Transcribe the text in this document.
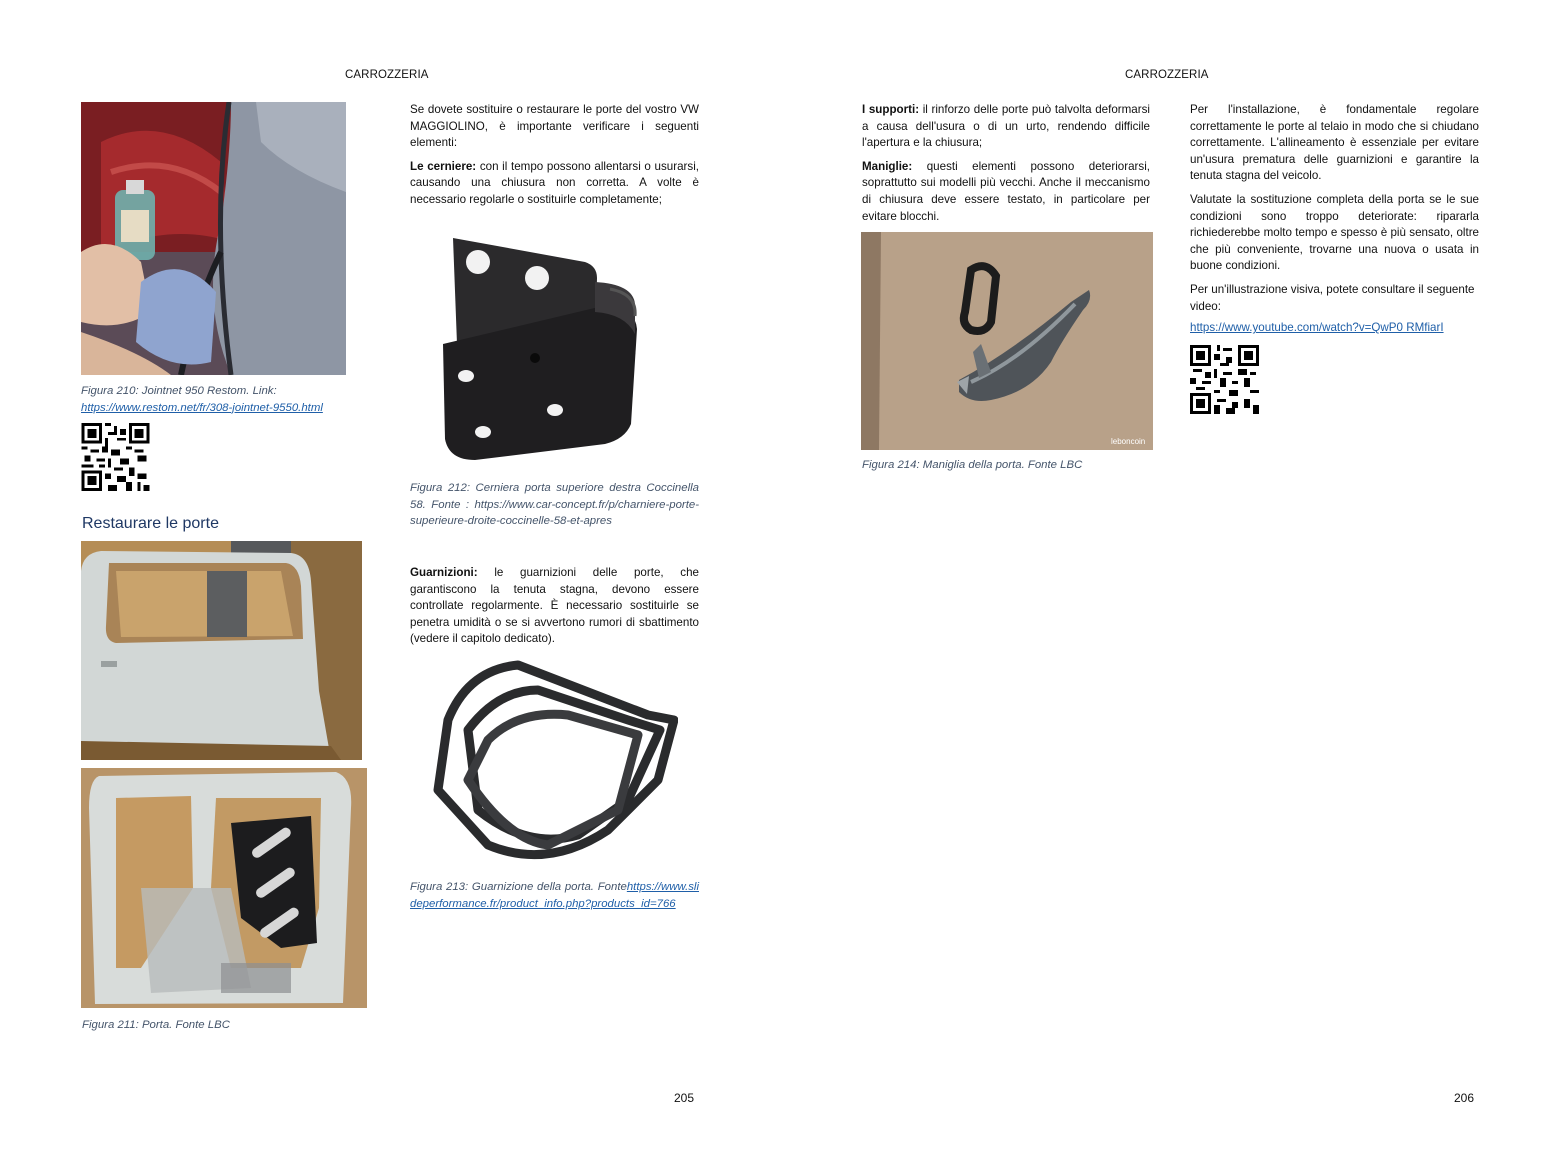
CARROZZERIA
Figura 210: Jointnet 950 Restom. Link:
https://www.restom.net/fr/308-jointnet-9550.html
Restaurare le porte
Figura 211: Porta. Fonte LBC

Se dovete sostituire o restaurare le porte del vostro VW MAGGIOLINO, è importante verificare i seguenti elementi:

Le cerniere: con il tempo possono allentarsi o usurarsi, causando una chiusura non corretta. A volte è necessario regolarle o sostituirle completamente;

Figura 212: Cerniera porta superiore destra Coccinella 58. Fonte : https://www.car-concept.fr/p/charniere-porte-superieure-droite-coccinelle-58-et-apres

Guarnizioni: le guarnizioni delle porte, che garantiscono la tenuta stagna, devono essere controllate regolarmente. È necessario sostituirle se penetra umidità o se si avvertono rumori di sbattimento (vedere il capitolo dedicato).

Figura 213: Guarnizione della porta. Fontehttps://www.slideperformance.fr/product_info.php?products_id=766
205
CARROZZERIA

I supporti: il rinforzo delle porte può talvolta deformarsi a causa dell'usura o di un urto, rendendo difficile l'apertura e la chiusura;

Maniglie: questi elementi possono deteriorarsi, soprattutto sui modelli più vecchi. Anche il meccanismo di chiusura deve essere testato, in particolare per evitare blocchi.

leboncoin
Figura 214: Maniglia della porta. Fonte LBC

Per l'installazione, è fondamentale regolare correttamente le porte al telaio in modo che si chiudano correttamente. L'allineamento è essenziale per evitare un'usura prematura delle guarnizioni e garantire la tenuta stagna del veicolo.

Valutate la sostituzione completa della porta se le sue condizioni sono troppo deteriorate: ripararla richiederebbe molto tempo e spesso è più sensato, oltre che più conveniente, trovarne una nuova o usata in buone condizioni.

Per un'illustrazione visiva, potete consultare il seguente video:

https://www.youtube.com/watch?v=QwP0 RMfiarI

206
